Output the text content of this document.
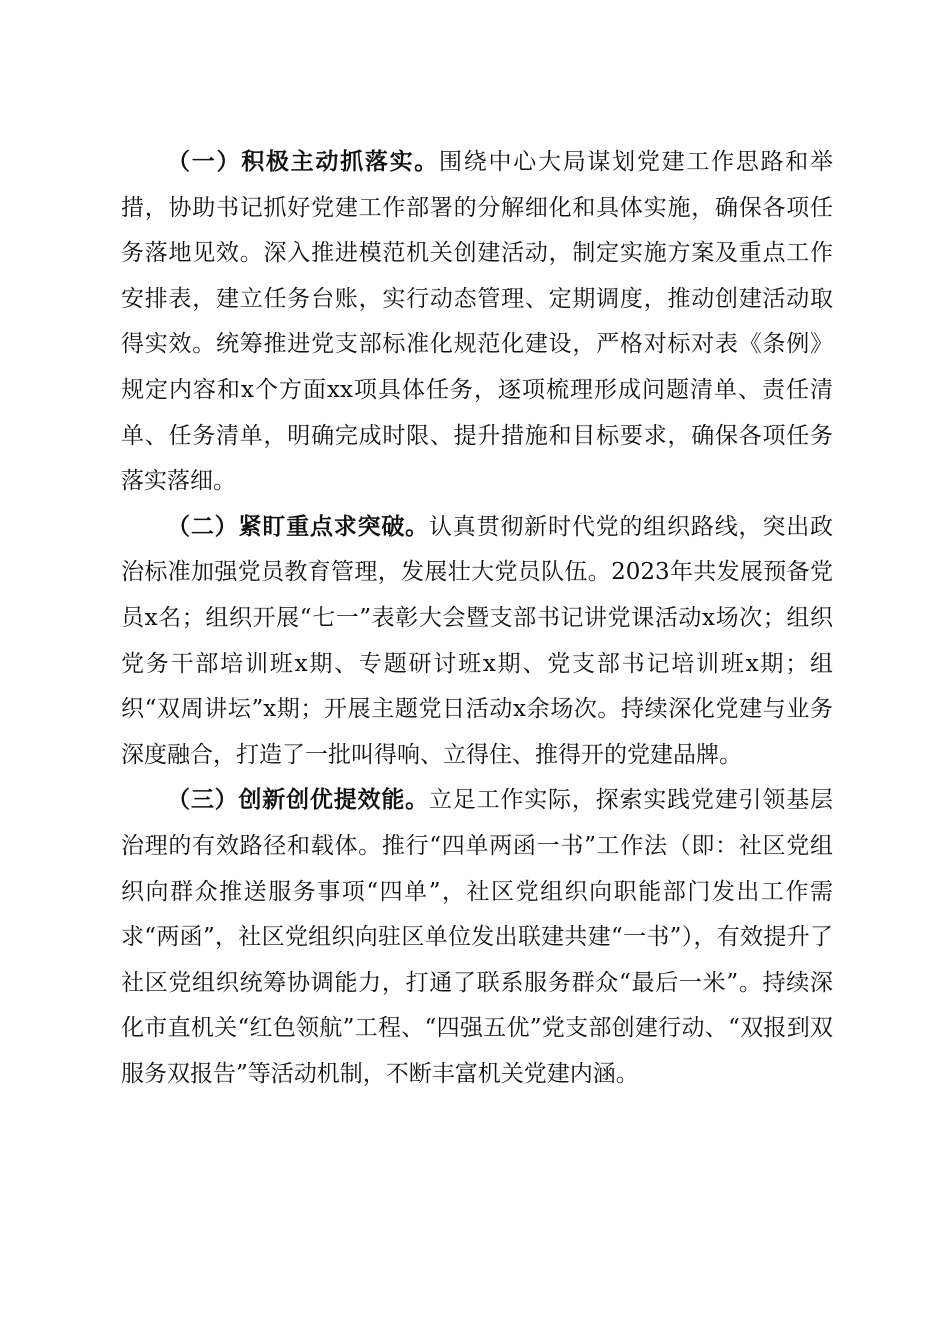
（一）积极主动抓落实。围绕中心大局谋划党建工作思路和举措，协助书记抓好党建工作部署的分解细化和具体实施，确保各项任务落地见效。深入推进模范机关创建活动，制定实施方案及重点工作安排表，建立任务台账，实行动态管理、定期调度，推动创建活动取得实效。统筹推进党支部标准化规范化建设，严格对标对表《条例》规定内容和x个方面xx项具体任务，逐项梳理形成问题清单、责任清单、任务清单，明确完成时限、提升措施和目标要求，确保各项任务落实落细。

（二）紧盯重点求突破。认真贯彻新时代党的组织路线，突出政治标准加强党员教育管理，发展壮大党员队伍。2023年共发展预备党员x名；组织开展“七一”表彰大会暨支部书记讲党课活动x场次；组织党务干部培训班x期、专题研讨班x期、党支部书记培训班x期；组织“双周讲坛”x期；开展主题党日活动x余场次。持续深化党建与业务深度融合，打造了一批叫得响、立得住、推得开的党建品牌。

（三）创新创优提效能。立足工作实际，探索实践党建引领基层治理的有效路径和载体。推行“四单两函一书”工作法（即：社区党组织向群众推送服务事项“四单”，社区党组织向职能部门发出工作需求“两函”，社区党组织向驻区单位发出联建共建“一书”），有效提升了社区党组织统筹协调能力，打通了联系服务群众“最后一米”。持续深化市直机关“红色领航”工程、“四强五优”党支部创建行动、“双报到双服务双报告”等活动机制，不断丰富机关党建内涵。
